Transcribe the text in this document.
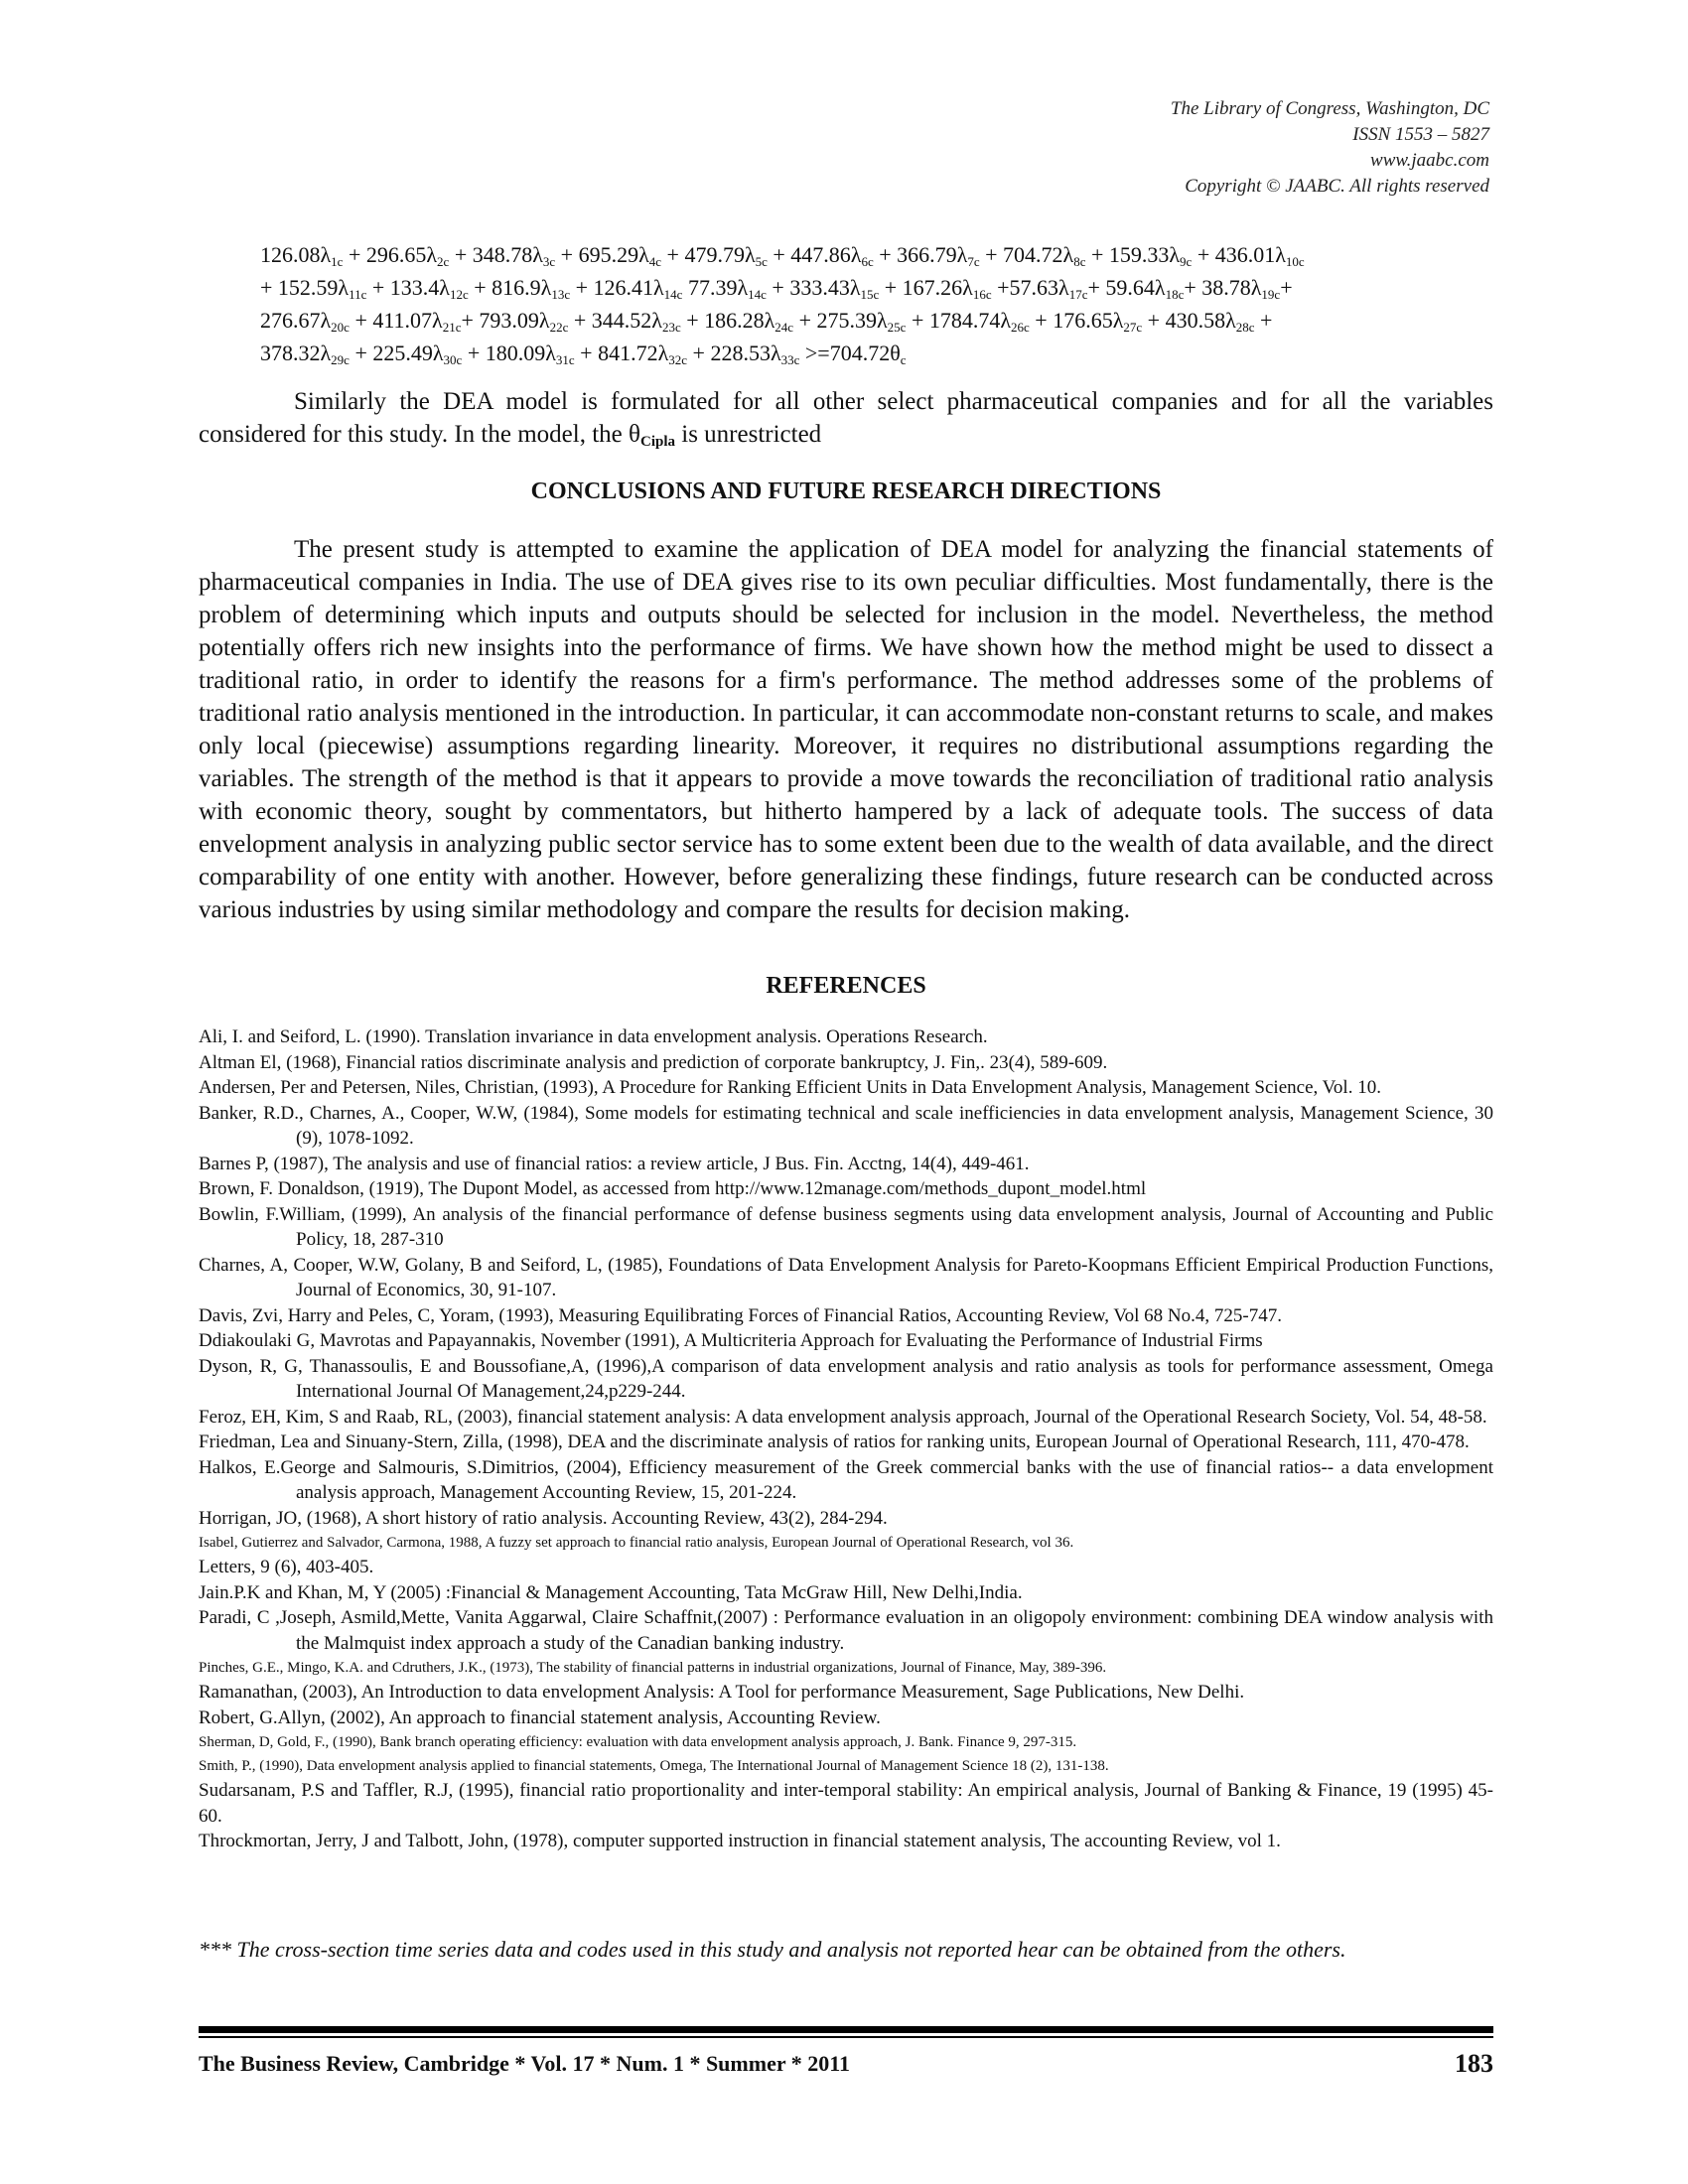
The Library of Congress, Washington, DC
ISSN 1553 – 5827
www.jaabc.com
Copyright © JAABC. All rights reserved

$126.08\lambda_{1c} + 296.65\lambda_{2c} + 348.78\lambda_{3c} + 695.29\lambda_{4c} + 479.79\lambda_{5c} + 447.86\lambda_{6c} + 366.79\lambda_{7c} + 704.72\lambda_{8c} + 159.33\lambda_{9c} + 436.01\lambda_{10c}$

+ $152.59\lambda_{11c} + 133.4\lambda_{12c} + 816.9\lambda_{13c} + 126.41\lambda_{14c}$ $77.39\lambda_{14c} + 333.43\lambda_{15c} + 167.26\lambda_{16c} +57.63\lambda_{17c}+ 59.64\lambda_{18c}+ 38.78\lambda_{19c}+$

$276.67\lambda_{20c} + 411.07\lambda_{21c}+ 793.09\lambda_{22c} + 344.52\lambda_{23c} + 186.28\lambda_{24c} + 275.39\lambda_{25c} + 1784.74\lambda_{26c} + 176.65\lambda_{27c} + 430.58\lambda_{28c}$ +

$378.32\lambda_{29c} + 225.49\lambda_{30c} + 180.09\lambda_{31c} + 841.72\lambda_{32c} + 228.53\lambda_{33c} >=704.72\theta_c$

Similarly the DEA model is formulated for all other select pharmaceutical companies and for all the variables considered for this study. In the model, the $\theta_{Cipla}$ is unrestricted

CONCLUSIONS AND FUTURE RESEARCH DIRECTIONS

The present study is attempted to examine the application of DEA model for analyzing the financial statements of pharmaceutical companies in India. The use of DEA gives rise to its own peculiar difficulties. Most fundamentally, there is the problem of determining which inputs and outputs should be selected for inclusion in the model. Nevertheless, the method potentially offers rich new insights into the performance of firms. We have shown how the method might be used to dissect a traditional ratio, in order to identify the reasons for a firm's performance. The method addresses some of the problems of traditional ratio analysis mentioned in the introduction. In particular, it can accommodate non-constant returns to scale, and makes only local (piecewise) assumptions regarding linearity. Moreover, it requires no distributional assumptions regarding the variables. The strength of the method is that it appears to provide a move towards the reconciliation of traditional ratio analysis with economic theory, sought by commentators, but hitherto hampered by a lack of adequate tools. The success of data envelopment analysis in analyzing public sector service has to some extent been due to the wealth of data available, and the direct comparability of one entity with another. However, before generalizing these findings, future research can be conducted across various industries by using similar methodology and compare the results for decision making.

REFERENCES
Ali, I. and Seiford, L. (1990). Translation invariance in data envelopment analysis. Operations Research.
Altman El, (1968), Financial ratios discriminate analysis and prediction of corporate bankruptcy, J. Fin,. 23(4), 589-609.
Andersen, Per and Petersen, Niles, Christian, (1993), A Procedure for Ranking Efficient Units in Data Envelopment Analysis, Management Science, Vol. 10.
Banker, R.D., Charnes, A., Cooper, W.W, (1984), Some models for estimating technical and scale inefficiencies in data envelopment analysis, Management Science, 30 (9), 1078-1092.
Barnes P, (1987), The analysis and use of financial ratios: a review article, J Bus. Fin. Acctng, 14(4), 449-461.
Brown, F. Donaldson, (1919), The Dupont Model, as accessed from http://www.12manage.com/methods_dupont_model.html
Bowlin, F.William, (1999), An analysis of the financial performance of defense business segments using data envelopment analysis, Journal of Accounting and Public Policy, 18, 287-310
Charnes, A, Cooper, W.W, Golany, B and Seiford, L, (1985), Foundations of Data Envelopment Analysis for Pareto-Koopmans Efficient Empirical Production Functions, Journal of Economics, 30, 91-107.
Davis, Zvi, Harry and Peles, C, Yoram, (1993), Measuring Equilibrating Forces of Financial Ratios, Accounting Review, Vol 68 No.4, 725-747.
Ddiakoulaki G, Mavrotas and Papayannakis, November (1991), A Multicriteria Approach for Evaluating the Performance of Industrial Firms
Dyson, R, G, Thanassoulis, E and Boussofiane,A, (1996),A comparison of data envelopment analysis and ratio analysis as tools for performance assessment, Omega International Journal Of Management,24,p229-244.
Feroz, EH, Kim, S and Raab, RL, (2003), financial statement analysis: A data envelopment analysis approach, Journal of the Operational Research Society, Vol. 54, 48-58.
Friedman, Lea and Sinuany-Stern, Zilla, (1998), DEA and the discriminate analysis of ratios for ranking units, European Journal of Operational Research, 111, 470-478.
Halkos, E.George and Salmouris, S.Dimitrios, (2004), Efficiency measurement of the Greek commercial banks with the use of financial ratios-- a data envelopment analysis approach, Management Accounting Review, 15, 201-224.
Horrigan, JO, (1968), A short history of ratio analysis. Accounting Review, 43(2), 284-294.
Isabel, Gutierrez and Salvador, Carmona, 1988, A fuzzy set approach to financial ratio analysis, European Journal of Operational Research, vol 36.
Letters, 9 (6), 403-405.
Jain.P.K and Khan, M, Y (2005) :Financial & Management Accounting, Tata McGraw Hill, New Delhi,India.
Paradi, C ,Joseph, Asmild,Mette, Vanita Aggarwal, Claire Schaffnit,(2007) : Performance evaluation in an oligopoly environment: combining DEA window analysis with the Malmquist index approach a study of the Canadian banking industry.
Pinches, G.E., Mingo, K.A. and Cdruthers, J.K., (1973), The stability of financial patterns in industrial organizations, Journal of Finance, May, 389-396.
Ramanathan, (2003), An Introduction to data envelopment Analysis: A Tool for performance Measurement, Sage Publications, New Delhi.
Robert, G.Allyn, (2002), An approach to financial statement analysis, Accounting Review.
Sherman, D, Gold, F., (1990), Bank branch operating efficiency: evaluation with data envelopment analysis approach, J. Bank. Finance 9, 297-315.
Smith, P., (1990), Data envelopment analysis applied to financial statements, Omega, The International Journal of Management Science 18 (2), 131-138.
Sudarsanam, P.S and Taffler, R.J, (1995), financial ratio proportionality and inter-temporal stability: An empirical analysis, Journal of Banking & Finance, 19 (1995) 45-60.
Throckmortan, Jerry, J and Talbott, John, (1978), computer supported instruction in financial statement analysis, The accounting Review, vol 1.

*** The cross-section time series data and codes used in this study and analysis not reported hear can be obtained from the others.

The Business Review, Cambridge * Vol. 17 * Num. 1 * Summer * 2011	183
